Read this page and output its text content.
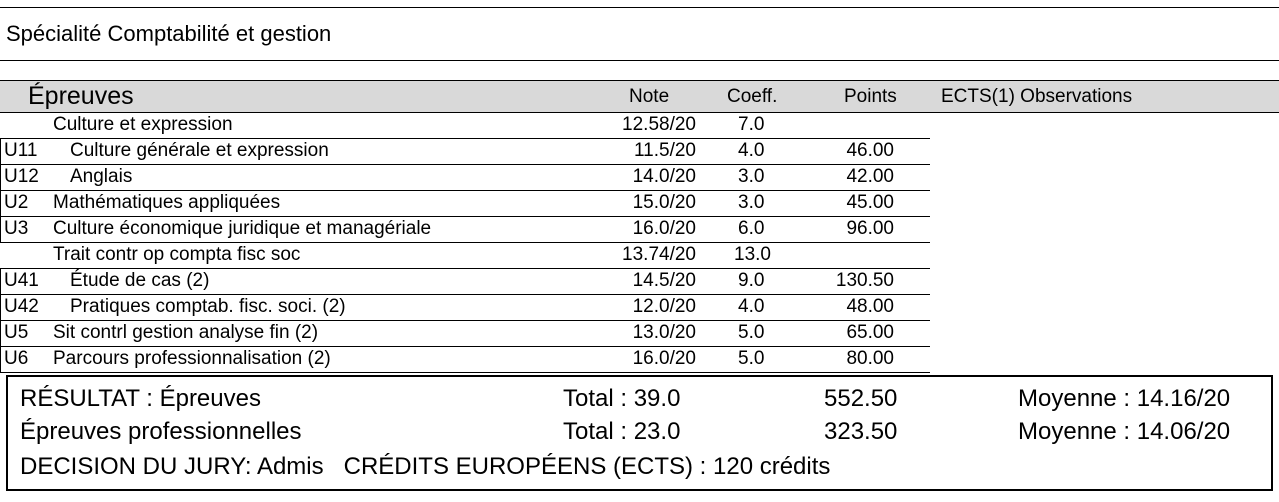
Spécialité Comptabilité et gestion
Épreuves	Note	Coeff.	Points ECTS(1) Observations
Culture et expression	12.58/20 7.0
U11	Culture générale et expression	11.5/20 4.0	46.00
U12	Anglais	14.0/20 3.0	42.00
U2	Mathématiques appliquées	15.0/20 3.0	45.00
U3	Culture économique juridique et managériale	16.0/20 6.0	96.00
Trait contr op compta fisc soc	13.74/20 13.0
U41	Étude de cas (2)	14.5/20 9.0	130.50
U42	Pratiques comptab. fisc. soci. (2)	12.0/20 4.0	48.00
U5	Sit contrl gestion analyse fin (2)	13.0/20 5.0	65.00
U6	Parcours professionnalisation (2)	16.0/20 5.0	80.00
RÉSULTAT : Épreuves	Total : 39.0	552.50	Moyenne : 14.16/20
Épreuves professionnelles	Total : 23.0	323.50	Moyenne : 14.06/20
DECISION DU JURY: Admis   CRÉDITS EUROPÉENS (ECTS) : 120 crédits
